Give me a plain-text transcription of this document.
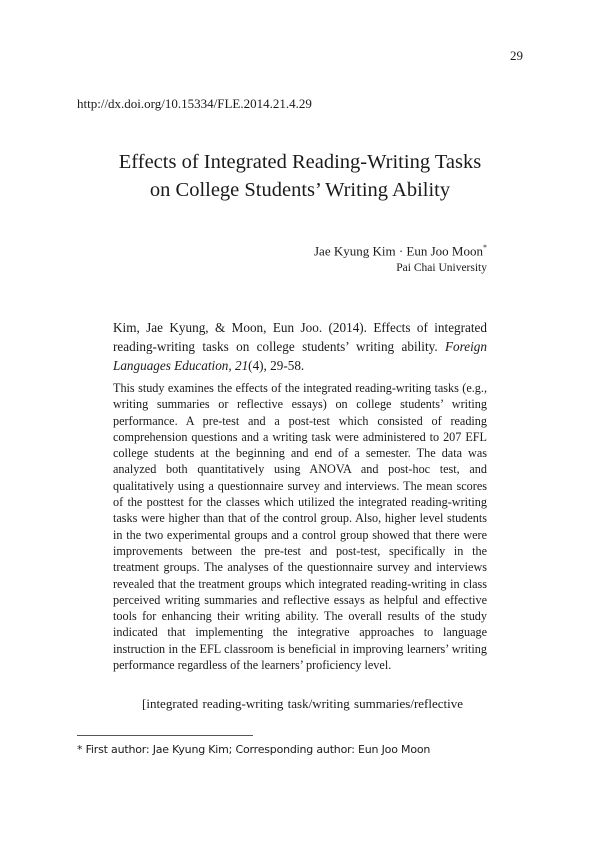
29
http://dx.doi.org/10.15334/FLE.2014.21.4.29
Effects of Integrated Reading-Writing Tasks
on College Students’ Writing Ability
Jae Kyung Kim · Eun Joo Moon*
Pai Chai University
Kim, Jae Kyung, & Moon, Eun Joo. (2014). Effects of integrated reading-writing tasks on college students’ writing ability. Foreign Languages Education, 21(4), 29-58.
This study examines the effects of the integrated reading-writing tasks (e.g., writing summaries or reflective essays) on college students’ writing performance. A pre-test and a post-test which consisted of reading comprehension questions and a writing task were administered to 207 EFL college students at the beginning and end of a semester. The data was analyzed both quantitatively using ANOVA and post-hoc test, and qualitatively using a questionnaire survey and interviews. The mean scores of the posttest for the classes which utilized the integrated reading-writing tasks were higher than that of the control group. Also, higher level students in the two experimental groups and a control group showed that there were improvements between the pre-test and post-test, specifically in the treatment groups. The analyses of the questionnaire survey and interviews revealed that the treatment groups which integrated reading-writing in class perceived writing summaries and reflective essays as helpful and effective tools for enhancing their writing ability. The overall results of the study indicated that implementing the integrative approaches to language instruction in the EFL classroom is beneficial in improving learners’ writing performance regardless of the learners’ proficiency level.
[integrated reading-writing task/writing summaries/reflective
* First author: Jae Kyung Kim; Corresponding author: Eun Joo Moon
